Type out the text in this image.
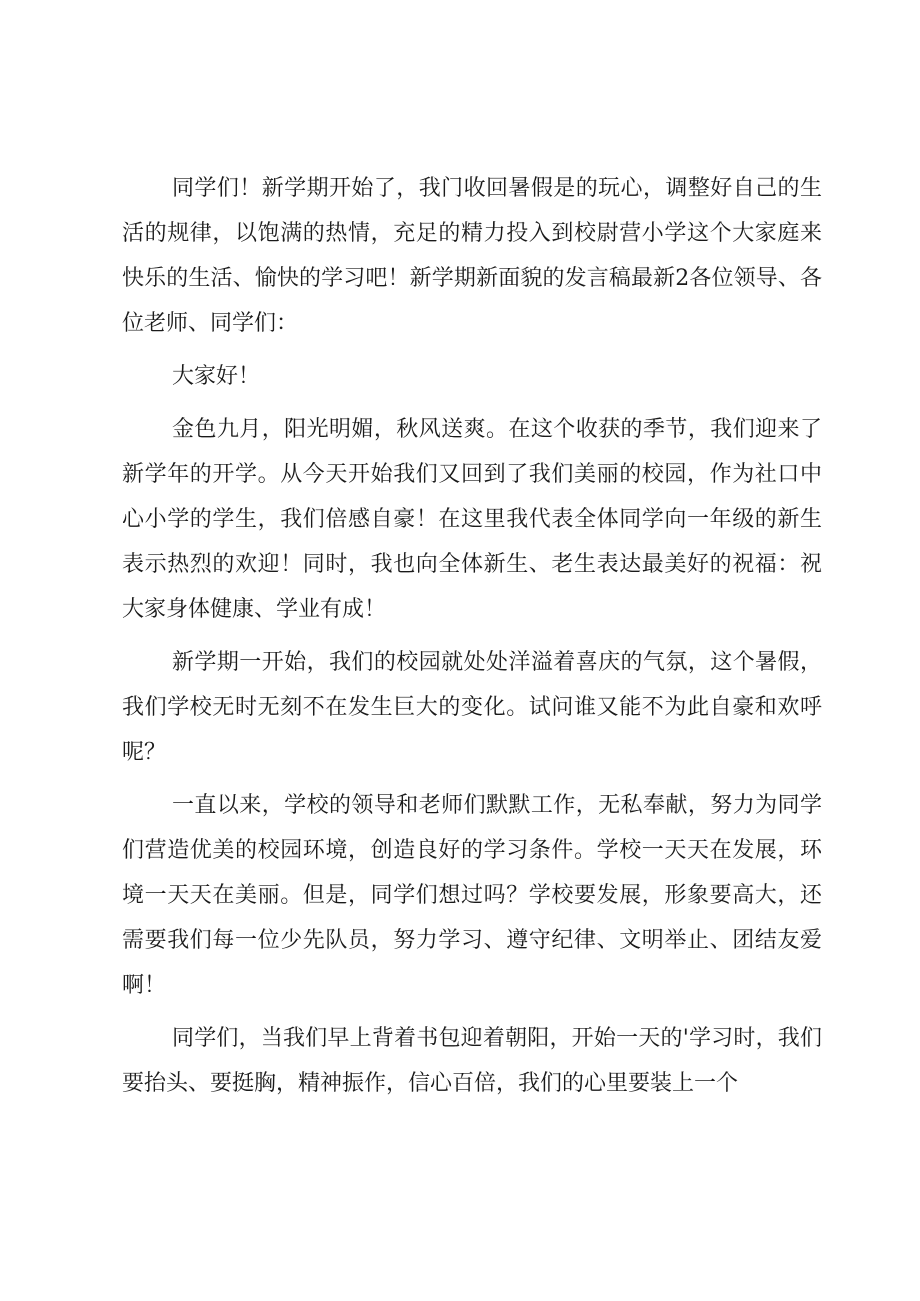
同学们！新学期开始了，我门收回暑假是的玩心，调整好自己的生活的规律，以饱满的热情，充足的精力投入到校尉营小学这个大家庭来快乐的生活、愉快的学习吧！新学期新面貌的发言稿最新2各位领导、各位老师、同学们：

大家好！

金色九月，阳光明媚，秋风送爽。在这个收获的季节，我们迎来了新学年的开学。从今天开始我们又回到了我们美丽的校园，作为社口中心小学的学生，我们倍感自豪！在这里我代表全体同学向一年级的新生表示热烈的欢迎！同时，我也向全体新生、老生表达最美好的祝福：祝大家身体健康、学业有成！

新学期一开始，我们的校园就处处洋溢着喜庆的气氛，这个暑假，我们学校无时无刻不在发生巨大的变化。试问谁又能不为此自豪和欢呼呢？

一直以来，学校的领导和老师们默默工作，无私奉献，努力为同学们营造优美的校园环境，创造良好的学习条件。学校一天天在发展，环境一天天在美丽。但是，同学们想过吗？学校要发展，形象要高大，还需要我们每一位少先队员，努力学习、遵守纪律、文明举止、团结友爱啊！

同学们，当我们早上背着书包迎着朝阳，开始一天的'学习时，我们要抬头、要挺胸，精神振作，信心百倍，我们的心里要装上一个
